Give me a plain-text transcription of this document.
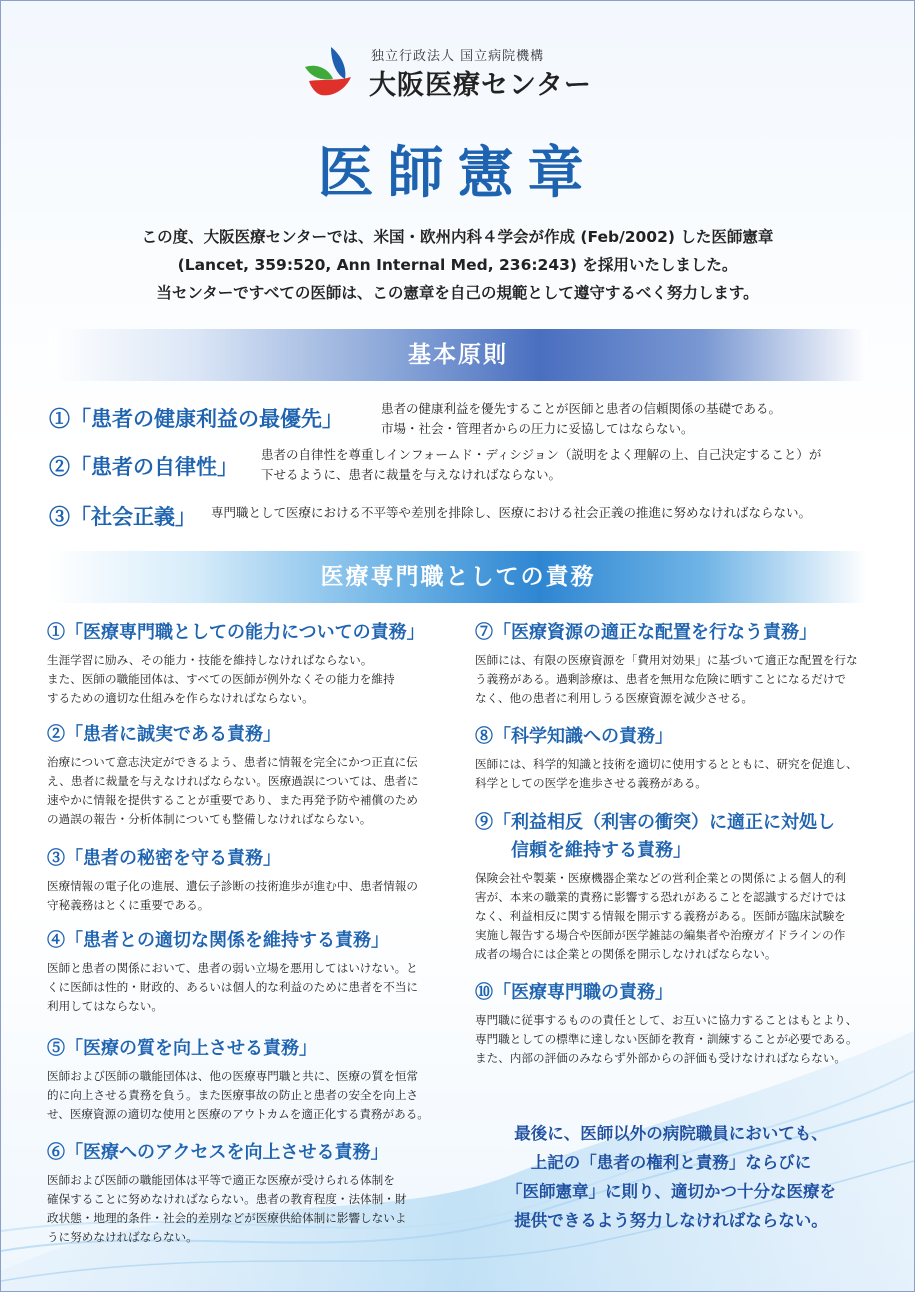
独立行政法人 国立病院機構
大阪医療センター
医師憲章
この度、大阪医療センターでは、米国・欧州内科４学会が作成 (Feb/2002) した医師憲章
(Lancet, 359:520, Ann Internal Med, 236:243) を採用いたしました。
当センターですべての医師は、この憲章を自己の規範として遵守するべく努力します。
基本原則
①「患者の健康利益の最優先」	患者の健康利益を優先することが医師と患者の信頼関係の基礎である。
市場・社会・管理者からの圧力に妥協してはならない。
②「患者の自律性」 患者の自律性を尊重しインフォームド・ディシジョン（説明をよく理解の上、自己決定すること）が
下せるように、患者に裁量を与えなければならない。
③「社会正義」 専門職として医療における不平等や差別を排除し、医療における社会正義の推進に努めなければならない。
医療専門職としての責務
①「医療専門職としての能力についての責務」
生涯学習に励み、その能力・技能を維持しなければならない。
また、医師の職能団体は、すべての医師が例外なくその能力を維持
するための適切な仕組みを作らなければならない。
②「患者に誠実である責務」
治療について意志決定ができるよう、患者に情報を完全にかつ正直に伝
え、患者に裁量を与えなければならない。医療過誤については、患者に
速やかに情報を提供することが重要であり、また再発予防や補償のため
の過誤の報告・分析体制についても整備しなければならない。
③「患者の秘密を守る責務」
医療情報の電子化の進展、遺伝子診断の技術進歩が進む中、患者情報の
守秘義務はとくに重要である。
④「患者との適切な関係を維持する責務」
医師と患者の関係において、患者の弱い立場を悪用してはいけない。と
くに医師は性的・財政的、あるいは個人的な利益のために患者を不当に
利用してはならない。
⑤「医療の質を向上させる責務」
医師および医師の職能団体は、他の医療専門職と共に、医療の質を恒常
的に向上させる責務を負う。また医療事故の防止と患者の安全を向上さ
せ、医療資源の適切な使用と医療のアウトカムを適正化する責務がある。
⑥「医療へのアクセスを向上させる責務」
医師および医師の職能団体は平等で適正な医療が受けられる体制を
確保することに努めなければならない。患者の教育程度・法体制・財
政状態・地理的条件・社会的差別などが医療供給体制に影響しないよ
うに努めなければならない。
⑦「医療資源の適正な配置を行なう責務」
医師には、有限の医療資源を「費用対効果」に基づいて適正な配置を行な
う義務がある。過剰診療は、患者を無用な危険に晒すことになるだけで
なく、他の患者に利用しうる医療資源を減少させる。
⑧「科学知識への責務」
医師には、科学的知識と技術を適切に使用するとともに、研究を促進し、
科学としての医学を進歩させる義務がある。
⑨「利益相反（利害の衝突）に適正に対処し
　　信頼を維持する責務」
保険会社や製薬・医療機器企業などの営利企業との関係による個人的利
害が、本来の職業的責務に影響する恐れがあることを認識するだけでは
なく、利益相反に関する情報を開示する義務がある。医師が臨床試験を
実施し報告する場合や医師が医学雑誌の編集者や治療ガイドラインの作
成者の場合には企業との関係を開示しなければならない。
⑩「医療専門職の責務」
専門職に従事するものの責任として、お互いに協力することはもとより、
専門職としての標準に達しない医師を教育・訓練することが必要である。
また、内部の評価のみならず外部からの評価も受けなければならない。
最後に、医師以外の病院職員においても、
上記の「患者の権利と責務」ならびに
「医師憲章」に則り、適切かつ十分な医療を
提供できるよう努力しなければならない。
